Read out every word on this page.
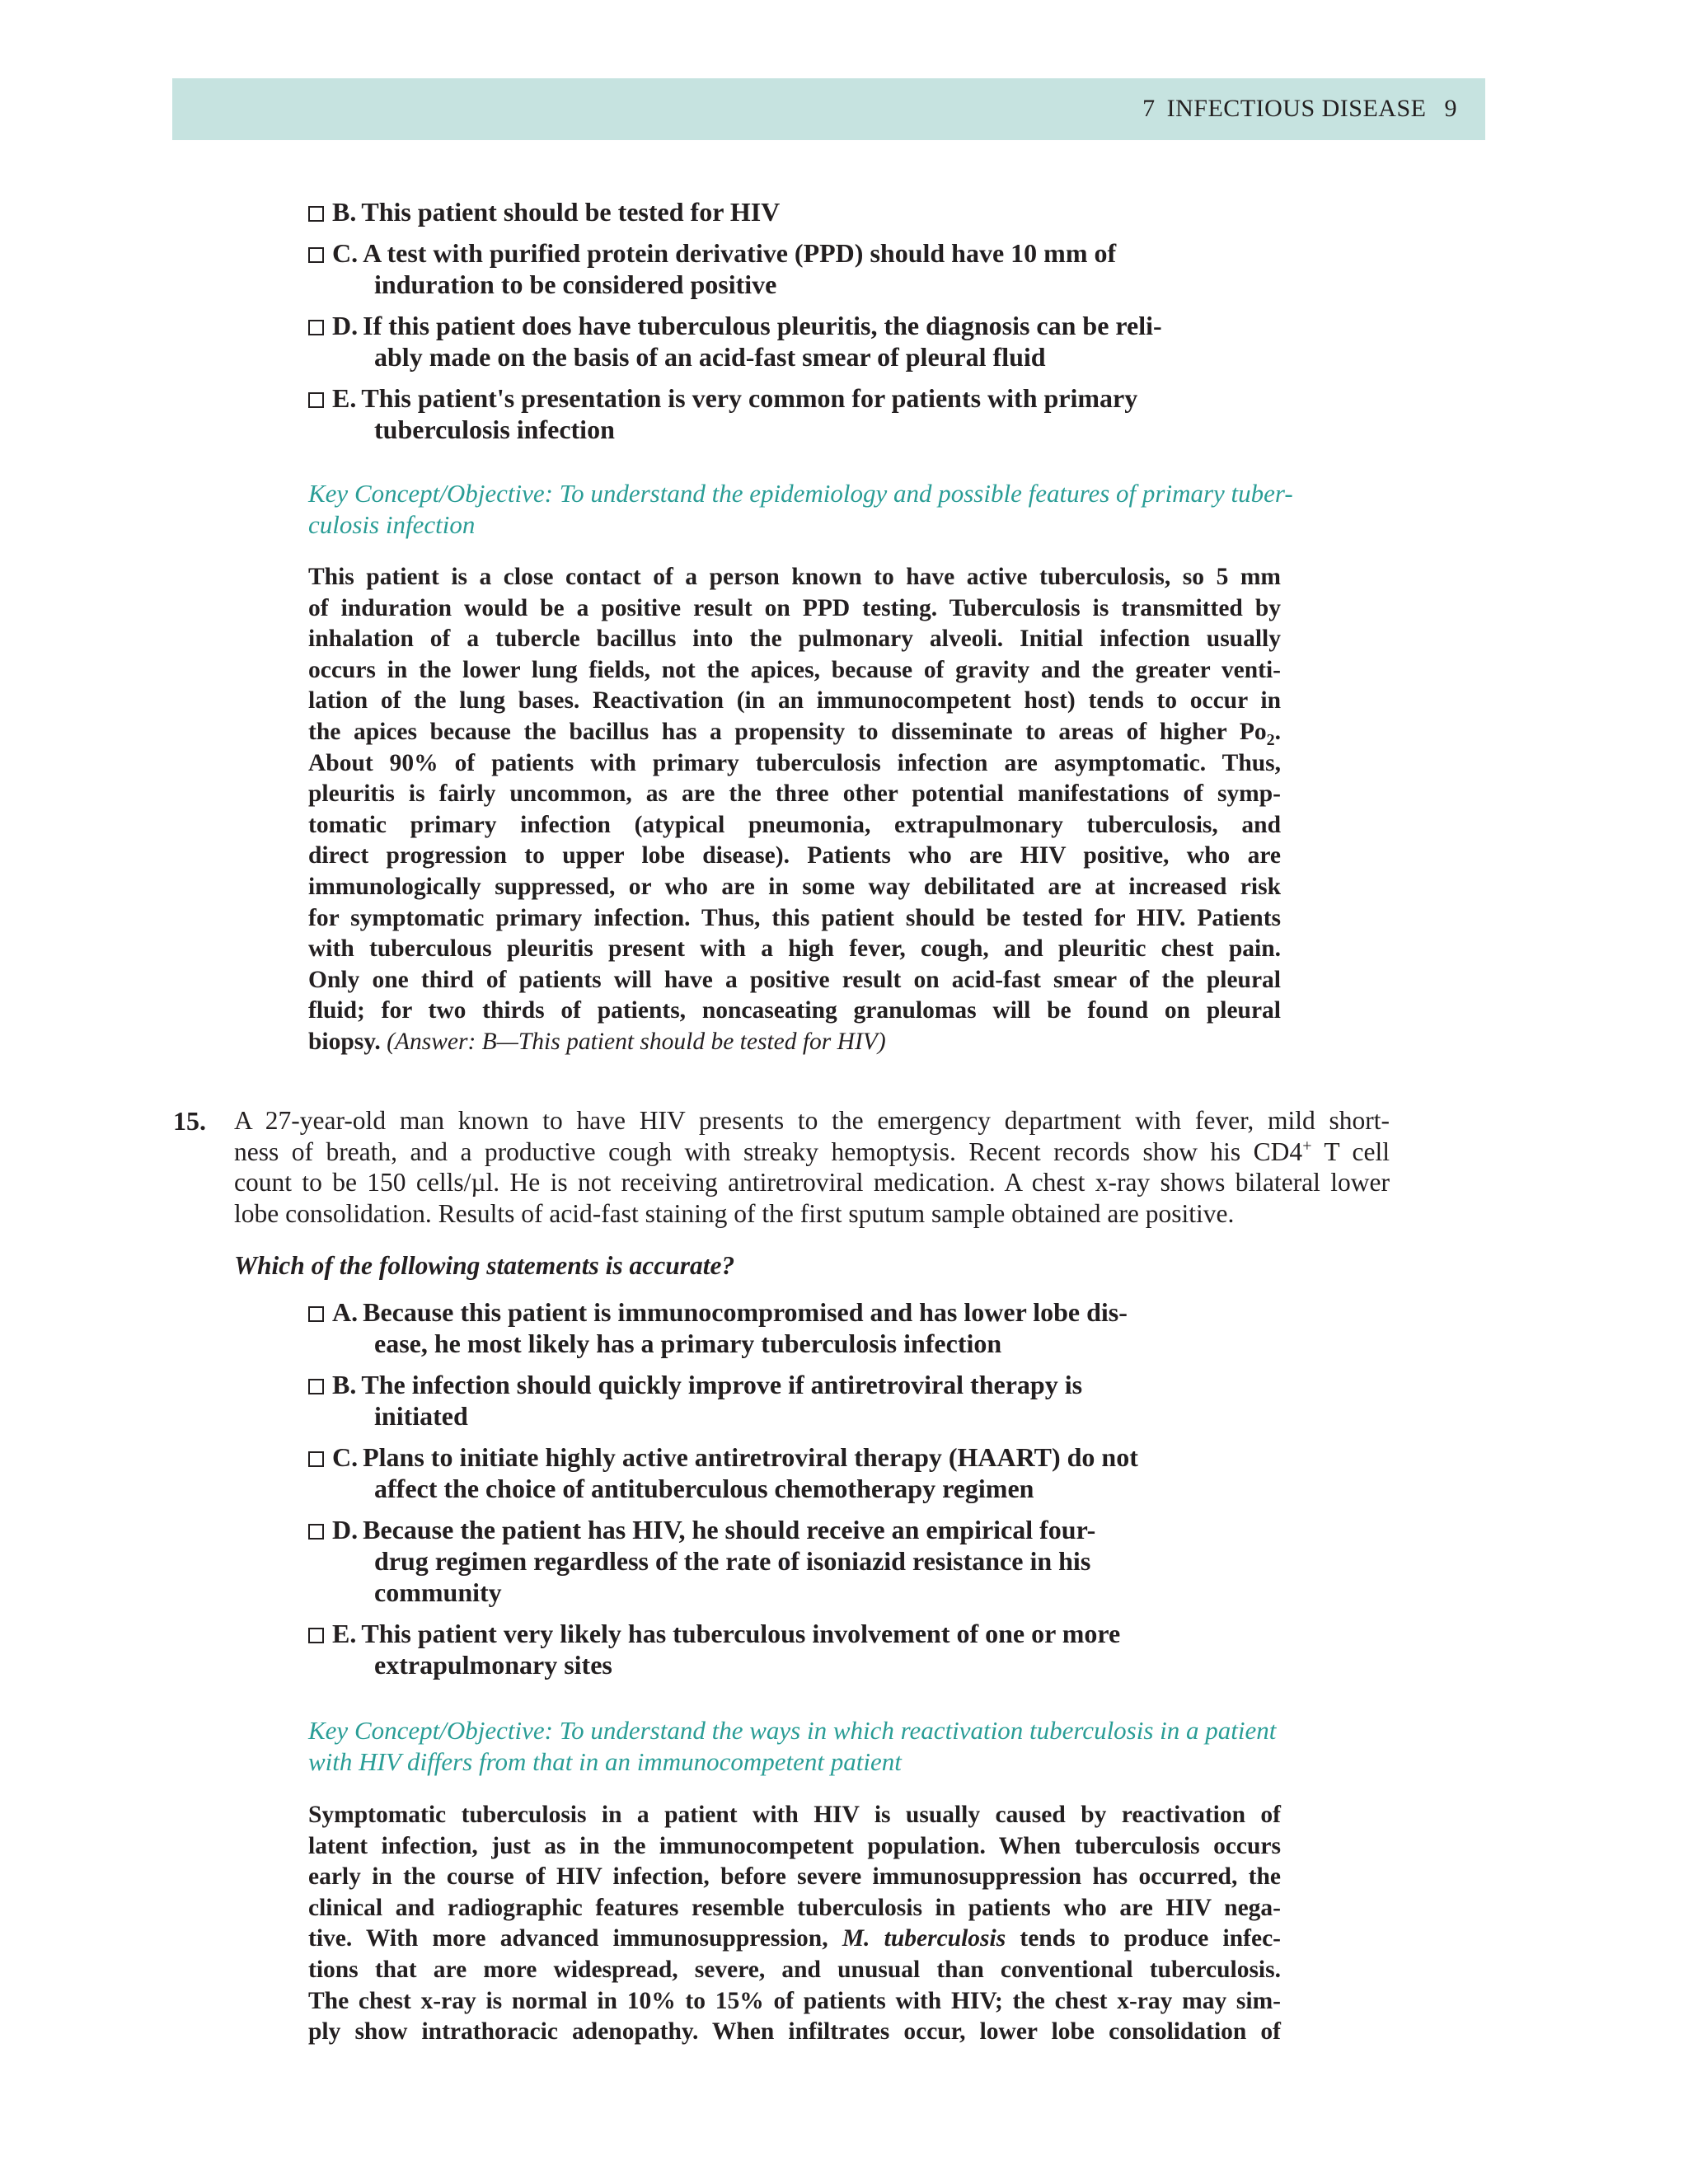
7 INFECTIOUS DISEASE 9
B. This patient should be tested for HIV
C. A test with purified protein derivative (PPD) should have 10 mm of
induration to be considered positive
D. If this patient does have tuberculous pleuritis, the diagnosis can be reli-
ably made on the basis of an acid-fast smear of pleural fluid
E. This patient's presentation is very common for patients with primary
tuberculosis infection
Key Concept/Objective: To understand the epidemiology and possible features of primary tuber-
culosis infection
This patient is a close contact of a person known to have active tuberculosis, so 5 mm
of induration would be a positive result on PPD testing. Tuberculosis is transmitted by
inhalation of a tubercle bacillus into the pulmonary alveoli. Initial infection usually
occurs in the lower lung fields, not the apices, because of gravity and the greater venti-
lation of the lung bases. Reactivation (in an immunocompetent host) tends to occur in
the apices because the bacillus has a propensity to disseminate to areas of higher $Po_2$.
About 90% of patients with primary tuberculosis infection are asymptomatic. Thus,
pleuritis is fairly uncommon, as are the three other potential manifestations of symp-
tomatic primary infection (atypical pneumonia, extrapulmonary tuberculosis, and
direct progression to upper lobe disease). Patients who are HIV positive, who are
immunologically suppressed, or who are in some way debilitated are at increased risk
for symptomatic primary infection. Thus, this patient should be tested for HIV. Patients
with tuberculous pleuritis present with a high fever, cough, and pleuritic chest pain.
Only one third of patients will have a positive result on acid-fast smear of the pleural
fluid; for two thirds of patients, noncaseating granulomas will be found on pleural
biopsy. (Answer: B—This patient should be tested for HIV)
15. A 27-year-old man known to have HIV presents to the emergency department with fever, mild short-
ness of breath, and a productive cough with streaky hemoptysis. Recent records show his CD4+ T cell
count to be 150 cells/µl. He is not receiving antiretroviral medication. A chest x-ray shows bilateral lower
lobe consolidation. Results of acid-fast staining of the first sputum sample obtained are positive.
Which of the following statements is accurate?
A. Because this patient is immunocompromised and has lower lobe dis-
ease, he most likely has a primary tuberculosis infection
B. The infection should quickly improve if antiretroviral therapy is
initiated
C. Plans to initiate highly active antiretroviral therapy (HAART) do not
affect the choice of antituberculous chemotherapy regimen
D. Because the patient has HIV, he should receive an empirical four-
drug regimen regardless of the rate of isoniazid resistance in his
community
E. This patient very likely has tuberculous involvement of one or more
extrapulmonary sites
Key Concept/Objective: To understand the ways in which reactivation tuberculosis in a patient
with HIV differs from that in an immunocompetent patient
Symptomatic tuberculosis in a patient with HIV is usually caused by reactivation of
latent infection, just as in the immunocompetent population. When tuberculosis occurs
early in the course of HIV infection, before severe immunosuppression has occurred, the
clinical and radiographic features resemble tuberculosis in patients who are HIV nega-
tive. With more advanced immunosuppression, M. tuberculosis tends to produce infec-
tions that are more widespread, severe, and unusual than conventional tuberculosis.
The chest x-ray is normal in 10% to 15% of patients with HIV; the chest x-ray may sim-
ply show intrathoracic adenopathy. When infiltrates occur, lower lobe consolidation of
